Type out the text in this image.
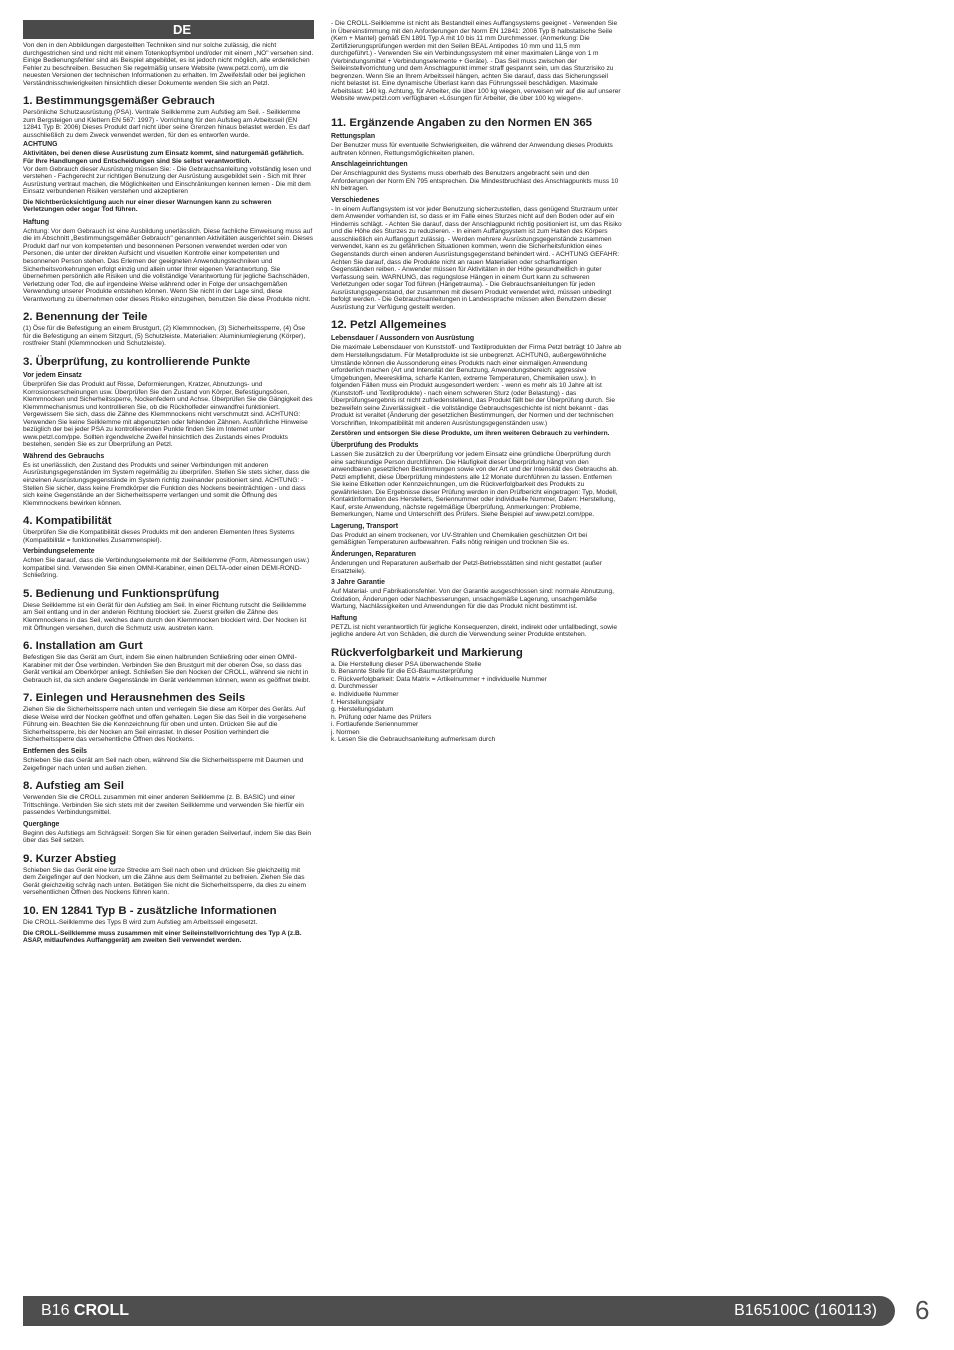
DE

Von den in den Abbildungen dargestellten Techniken sind nur solche zulässig, die nicht durchgestrichen sind und nicht mit einem Totenkopfsymbol und/oder mit einem „NO" versehen sind. Einige Bedienungsfehler sind als Beispiel abgebildet, es ist jedoch nicht möglich, alle erdenklichen Fehler zu beschreiben. Besuchen Sie regelmäßig unsere Website (www.petzl.com), um die neuesten Versionen der technischen Informationen zu erhalten. Im Zweifelsfall oder bei jeglichen Verständnisschwierigkeiten hinsichtlich dieser Dokumente wenden Sie sich an Petzl.

1. Bestimmungsgemäßer Gebrauch

Persönliche Schutzausrüstung (PSA). Ventrale Seilklemme zum Aufstieg am Seil. - Seilklemme zum Bergsteigen und Klettern EN 567: 1997) - Vorrichtung für den Aufstieg am Arbeitsseil (EN 12841 Typ B: 2006) Dieses Produkt darf nicht über seine Grenzen hinaus belastet werden. Es darf ausschließlich zu dem Zweck verwendet werden, für den es entworfen wurde.

ACHTUNG

Aktivitäten, bei denen diese Ausrüstung zum Einsatz kommt, sind naturgemäß gefährlich.

Für Ihre Handlungen und Entscheidungen sind Sie selbst verantwortlich.

Vor dem Gebrauch dieser Ausrüstung müssen Sie: - Die Gebrauchsanleitung vollständig lesen und verstehen - Fachgerecht zur richtigen Benutzung der Ausrüstung ausgebildet sein - Sich mit Ihrer Ausrüstung vertraut machen, die Möglichkeiten und Einschränkungen kennen lernen - Die mit dem Einsatz verbundenen Risiken verstehen und akzeptieren

Die Nichtberücksichtigung auch nur einer dieser Warnungen kann zu schweren Verletzungen oder sogar Tod führen.

Haftung

Achtung: Vor dem Gebrauch ist eine Ausbildung unerlässlich. Diese fachliche Einweisung muss auf die im Abschnitt „Bestimmungsgemäßer Gebrauch" genannten Aktivitäten ausgerichtet sein. Dieses Produkt darf nur von kompetenten und besonnenen Personen verwendet werden oder von Personen, die unter der direkten Aufsicht und visuellen Kontrolle einer kompetenten und besonnenen Person stehen. Das Erlernen der geeigneten Anwendungstechniken und Sicherheitsvorkehrungen erfolgt einzig und allein unter Ihrer eigenen Verantwortung. Sie übernehmen persönlich alle Risiken und die vollständige Verantwortung für jegliche Sachschäden, Verletzung oder Tod, die auf irgendeine Weise während oder in Folge der unsachgemäßen Verwendung unserer Produkte entstehen können. Wenn Sie nicht in der Lage sind, diese Verantwortung zu übernehmen oder dieses Risiko einzugehen, benutzen Sie diese Produkte nicht.

2. Benennung der Teile

(1) Öse für die Befestigung an einem Brustgurt, (2) Klemmnocken, (3) Sicherheitssperre, (4) Öse für die Befestigung an einem Sitzgurt, (5) Schutzleiste. Materialien: Aluminiumlegierung (Körper), rostfreier Stahl (Klemmnocken und Schutzleiste).

3. Überprüfung, zu kontrollierende Punkte
Vor jedem Einsatz

Überprüfen Sie das Produkt auf Risse, Deformierungen, Kratzer, Abnutzungs- und Korrosionserscheinungen usw. Überprüfen Sie den Zustand von Körper, Befestigungsösen, Klemmnocken und Sicherheitssperre, Nockenfedern und Achse. Überprüfen Sie die Gängigkeit des Klemmmechanismus und kontrollieren Sie, ob die Rückholfeder einwandfrei funktioniert. Vergewissern Sie sich, dass die Zähne des Klemmnockens nicht verschmutzt sind. ACHTUNG: Verwenden Sie keine Seilklemme mit abgenutzten oder fehlenden Zähnen. Ausführliche Hinweise bezüglich der bei jeder PSA zu kontrollierenden Punkte finden Sie im Internet unter www.petzl.com/ppe. Sollten irgendwelche Zweifel hinsichtlich des Zustands eines Produkts bestehen, senden Sie es zur Überprüfung an Petzl.

Während des Gebrauchs

Es ist unerlässlich, den Zustand des Produkts und seiner Verbindungen mit anderen Ausrüstungsgegenständen im System regelmäßig zu überprüfen. Stellen Sie stets sicher, dass die einzelnen Ausrüstungsgegenstände im System richtig zueinander positioniert sind. ACHTUNG: - Stellen Sie sicher, dass keine Fremdkörper die Funktion des Nockens beeinträchtigen - und dass sich keine Gegenstände an der Sicherheitssperre verfangen und somit die Öffnung des Klemmnockens bewirken können.

4. Kompatibilität

Überprüfen Sie die Kompatibilität dieses Produkts mit den anderen Elementen Ihres Systems (Kompatibilität = funktionelles Zusammenspiel).

Verbindungselemente

Achten Sie darauf, dass die Verbindungselemente mit der Seilklemme (Form, Abmessungen usw.) kompatibel sind. Verwenden Sie einen OMNI-Karabiner, einen DELTA-oder einen DEMI-ROND-Schließring.

5. Bedienung und Funktionsprüfung

Diese Seilklemme ist ein Gerät für den Aufstieg am Seil. In einer Richtung rutscht die Seilklemme am Seil entlang und in der anderen Richtung blockiert sie. Zuerst greifen die Zähne des Klemmnockens in das Seil, welches dann durch den Klemmnocken blockiert wird. Der Nocken ist mit Öffnungen versehen, durch die Schmutz usw. austreten kann.

6. Installation am Gurt

Befestigen Sie das Gerät am Gurt, indem Sie einen halbrunden Schließring oder einen OMNI-Karabiner mit der Öse verbinden. Verbinden Sie den Brustgurt mit der oberen Öse, so dass das Gerät vertikal am Oberkörper anliegt. Schließen Sie den Nocken der CROLL, während sie nicht in Gebrauch ist, da sich andere Gegenstände im Gerät verklemmen können, wenn es geöffnet bleibt.

7. Einlegen und Herausnehmen des Seils

Ziehen Sie die Sicherheitssperre nach unten und verriegeln Sie diese am Körper des Geräts. Auf diese Weise wird der Nocken geöffnet und offen gehalten. Legen Sie das Seil in die vorgesehene Führung ein. Beachten Sie die Kennzeichnung für oben und unten. Drücken Sie auf die Sicherheitssperre, bis der Nocken am Seil einrastet. In dieser Position verhindert die Sicherheitssperre das versehentliche Öffnen des Nockens.

Entfernen des Seils

Schieben Sie das Gerät am Seil nach oben, während Sie die Sicherheitssperre mit Daumen und Zeigefinger nach unten und außen ziehen.

8. Aufstieg am Seil

Verwenden Sie die CROLL zusammen mit einer anderen Seilklemme (z. B. BASIC) und einer Trittschlinge. Verbinden Sie sich stets mit der zweiten Seilklemme und verwenden Sie hierfür ein passendes Verbindungsmittel.

Quergänge

Beginn des Aufstiegs am Schrägseil: Sorgen Sie für einen geraden Seilverlauf, indem Sie das Bein über das Seil setzen.

9. Kurzer Abstieg

Schieben Sie das Gerät eine kurze Strecke am Seil nach oben und drücken Sie gleichzeitig mit dem Zeigefinger auf den Nocken, um die Zähne aus dem Seilmantel zu befreien. Ziehen Sie das Gerät gleichzeitig schräg nach unten. Betätigen Sie nicht die Sicherheitssperre, da dies zu einem versehentlichen Öffnen des Nockens führen kann.

10. EN 12841 Typ B - zusätzliche Informationen

Die CROLL-Seilklemme des Typs B wird zum Aufstieg am Arbeitsseil eingesetzt.

Die CROLL-Seilklemme muss zusammen mit einer Seileinstellvorrichtung des Typ A (z.B. ASAP, mitlaufendes Auffanggerät) am zweiten Seil verwendet werden.

- Die CROLL-Seilklemme ist nicht als Bestandteil eines Auffangsystems geeignet - Verwenden Sie in Übereinstimmung mit den Anforderungen der Norm EN 12841: 2006 Typ B halbstatische Seile (Kern + Mantel) gemäß EN 1891 Typ A mit 10 bis 11 mm Durchmesser. (Anmerkung: Die Zertifizierungsprüfungen werden mit den Seilen BEAL Antipodes 10 mm und 11,5 mm durchgeführt.) - Verwenden Sie ein Verbindungssystem mit einer maximalen Länge von 1 m (Verbindungsmittel + Verbindungselemente + Geräte). - Das Seil muss zwischen der Seileinstellvorrichtung und dem Anschlagpunkt immer straff gespannt sein, um das Sturzrisiko zu begrenzen. Wenn Sie an Ihrem Arbeitsseil hängen, achten Sie darauf, dass das Sicherungsseil nicht belastet ist. Eine dynamische Überlast kann das Führungsseil beschädigen. Maximale Arbeitslast: 140 kg. Achtung, für Arbeiter, die über 100 kg wiegen, verweisen wir auf die auf unserer Website www.petzl.com verfügbaren «Lösungen für Arbeiter, die über 100 kg wiegen».

11. Ergänzende Angaben zu den Normen EN 365
Rettungsplan

Der Benutzer muss für eventuelle Schwierigkeiten, die während der Anwendung dieses Produkts auftreten können, Rettungsmöglichkeiten planen.

Anschlageinrichtungen

Der Anschlagpunkt des Systems muss oberhalb des Benutzers angebracht sein und den Anforderungen der Norm EN 795 entsprechen. Die Mindestbruchlast des Anschlagpunkts muss 10 kN betragen.

Verschiedenes

- In einem Auffangsystem ist vor jeder Benutzung sicherzustellen, dass genügend Sturzraum unter dem Anwender vorhanden ist, so dass er im Falle eines Sturzes nicht auf den Boden oder auf ein Hindernis schlägt. - Achten Sie darauf, dass der Anschlagpunkt richtig positioniert ist, um das Risiko und die Höhe des Sturzes zu reduzieren. - In einem Auffangsystem ist zum Halten des Körpers ausschließlich ein Auffanggurt zulässig. - Werden mehrere Ausrüstungsgegenstände zusammen verwendet, kann es zu gefährlichen Situationen kommen, wenn die Sicherheitsfunktion eines Gegenstands durch einen anderen Ausrüstungsgegenstand behindert wird. - ACHTUNG GEFAHR: Achten Sie darauf, dass die Produkte nicht an rauen Materialien oder scharfkantigen Gegenständen reiben. - Anwender müssen für Aktivitäten in der Höhe gesundheitlich in guter Verfassung sein. WARNUNG, das regungslose Hängen in einem Gurt kann zu schweren Verletzungen oder sogar Tod führen (Hängetrauma). - Die Gebrauchsanleitungen für jeden Ausrüstungsgegenstand, der zusammen mit diesem Produkt verwendet wird, müssen unbedingt befolgt werden. - Die Gebrauchsanleitungen in Landessprache müssen allen Benutzern dieser Ausrüstung zur Verfügung gestellt werden.

12. Petzl Allgemeines
Lebensdauer / Aussondern von Ausrüstung

Die maximale Lebensdauer von Kunststoff- und Textilprodukten der Firma Petzl beträgt 10 Jahre ab dem Herstellungsdatum. Für Metallprodukte ist sie unbegrenzt. ACHTUNG, außergewöhnliche Umstände können die Aussonderung eines Produkts nach einer einmaligen Anwendung erforderlich machen (Art und Intensität der Benutzung, Anwendungsbereich: aggressive Umgebungen, Meeresklima, scharfe Kanten, extreme Temperaturen, Chemikalien usw.). In folgenden Fällen muss ein Produkt ausgesondert werden: - wenn es mehr als 10 Jahre alt ist (Kunststoff- und Textilprodukte) - nach einem schweren Sturz (oder Belastung) - das Überprüfungsergebnis ist nicht zufriedenstellend, das Produkt fällt bei der Überprüfung durch. Sie bezweifeln seine Zuverlässigkeit - die vollständige Gebrauchsgeschichte ist nicht bekannt - das Produkt ist veraltet (Änderung der gesetzlichen Bestimmungen, der Normen und der technischen Vorschriften, Inkompatibilität mit anderen Ausrüstungsgegenständen usw.)

Zerstören und entsorgen Sie diese Produkte, um ihren weiteren Gebrauch zu verhindern.

Überprüfung des Produkts

Lassen Sie zusätzlich zu der Überprüfung vor jedem Einsatz eine gründliche Überprüfung durch eine sachkundige Person durchführen. Die Häufigkeit dieser Überprüfung hängt von den anwendbaren gesetzlichen Bestimmungen sowie von der Art und der Intensität des Gebrauchs ab. Petzl empfiehlt, diese Überprüfung mindestens alle 12 Monate durchführen zu lassen. Entfernen Sie keine Etiketten oder Kennzeichnungen, um die Rückverfolgbarkeit des Produkts zu gewährleisten. Die Ergebnisse dieser Prüfung werden in den Prüfbericht eingetragen: Typ, Modell, Kontaktinformation des Herstellers, Seriennummer oder individuelle Nummer, Daten: Herstellung, Kauf, erste Anwendung, nächste regelmäßige Überprüfung, Anmerkungen: Probleme, Bemerkungen, Name und Unterschrift des Prüfers. Siehe Beispiel auf www.petzl.com/ppe.

Lagerung, Transport

Das Produkt an einem trockenen, vor UV-Strahlen und Chemikalien geschützten Ort bei gemäßigten Temperaturen aufbewahren. Falls nötig reinigen und trocknen Sie es.

Änderungen, Reparaturen

Änderungen und Reparaturen außerhalb der Petzl-Betriebsstätten sind nicht gestattet (außer Ersatzteile).

3 Jahre Garantie

Auf Material- und Fabrikationsfehler. Von der Garantie ausgeschlossen sind: normale Abnutzung, Oxidation, Änderungen oder Nachbesserungen, unsachgemäße Lagerung, unsachgemäße Wartung, Nachlässigkeiten und Anwendungen für die das Produkt nicht bestimmt ist.

Haftung

PETZL ist nicht verantwortlich für jegliche Konsequenzen, direkt, indirekt oder unfallbedingt, sowie jegliche andere Art von Schäden, die durch die Verwendung seiner Produkte entstehen.

Rückverfolgbarkeit und Markierung

a. Die Herstellung dieser PSA überwachende Stelle

b. Benannte Stelle für die EG-Baumusterprüfung

c. Rückverfolgbarkeit: Data Matrix = Artikelnummer + individuelle Nummer

d. Durchmesser

e. Individuelle Nummer

f. Herstellungsjahr

g. Herstellungsdatum

h. Prüfung oder Name des Prüfers

i. Fortlaufende Seriennummer

j. Normen

k. Lesen Sie die Gebrauchsanleitung aufmerksam durch

B16 CROLL	B165100C (160113) 6
